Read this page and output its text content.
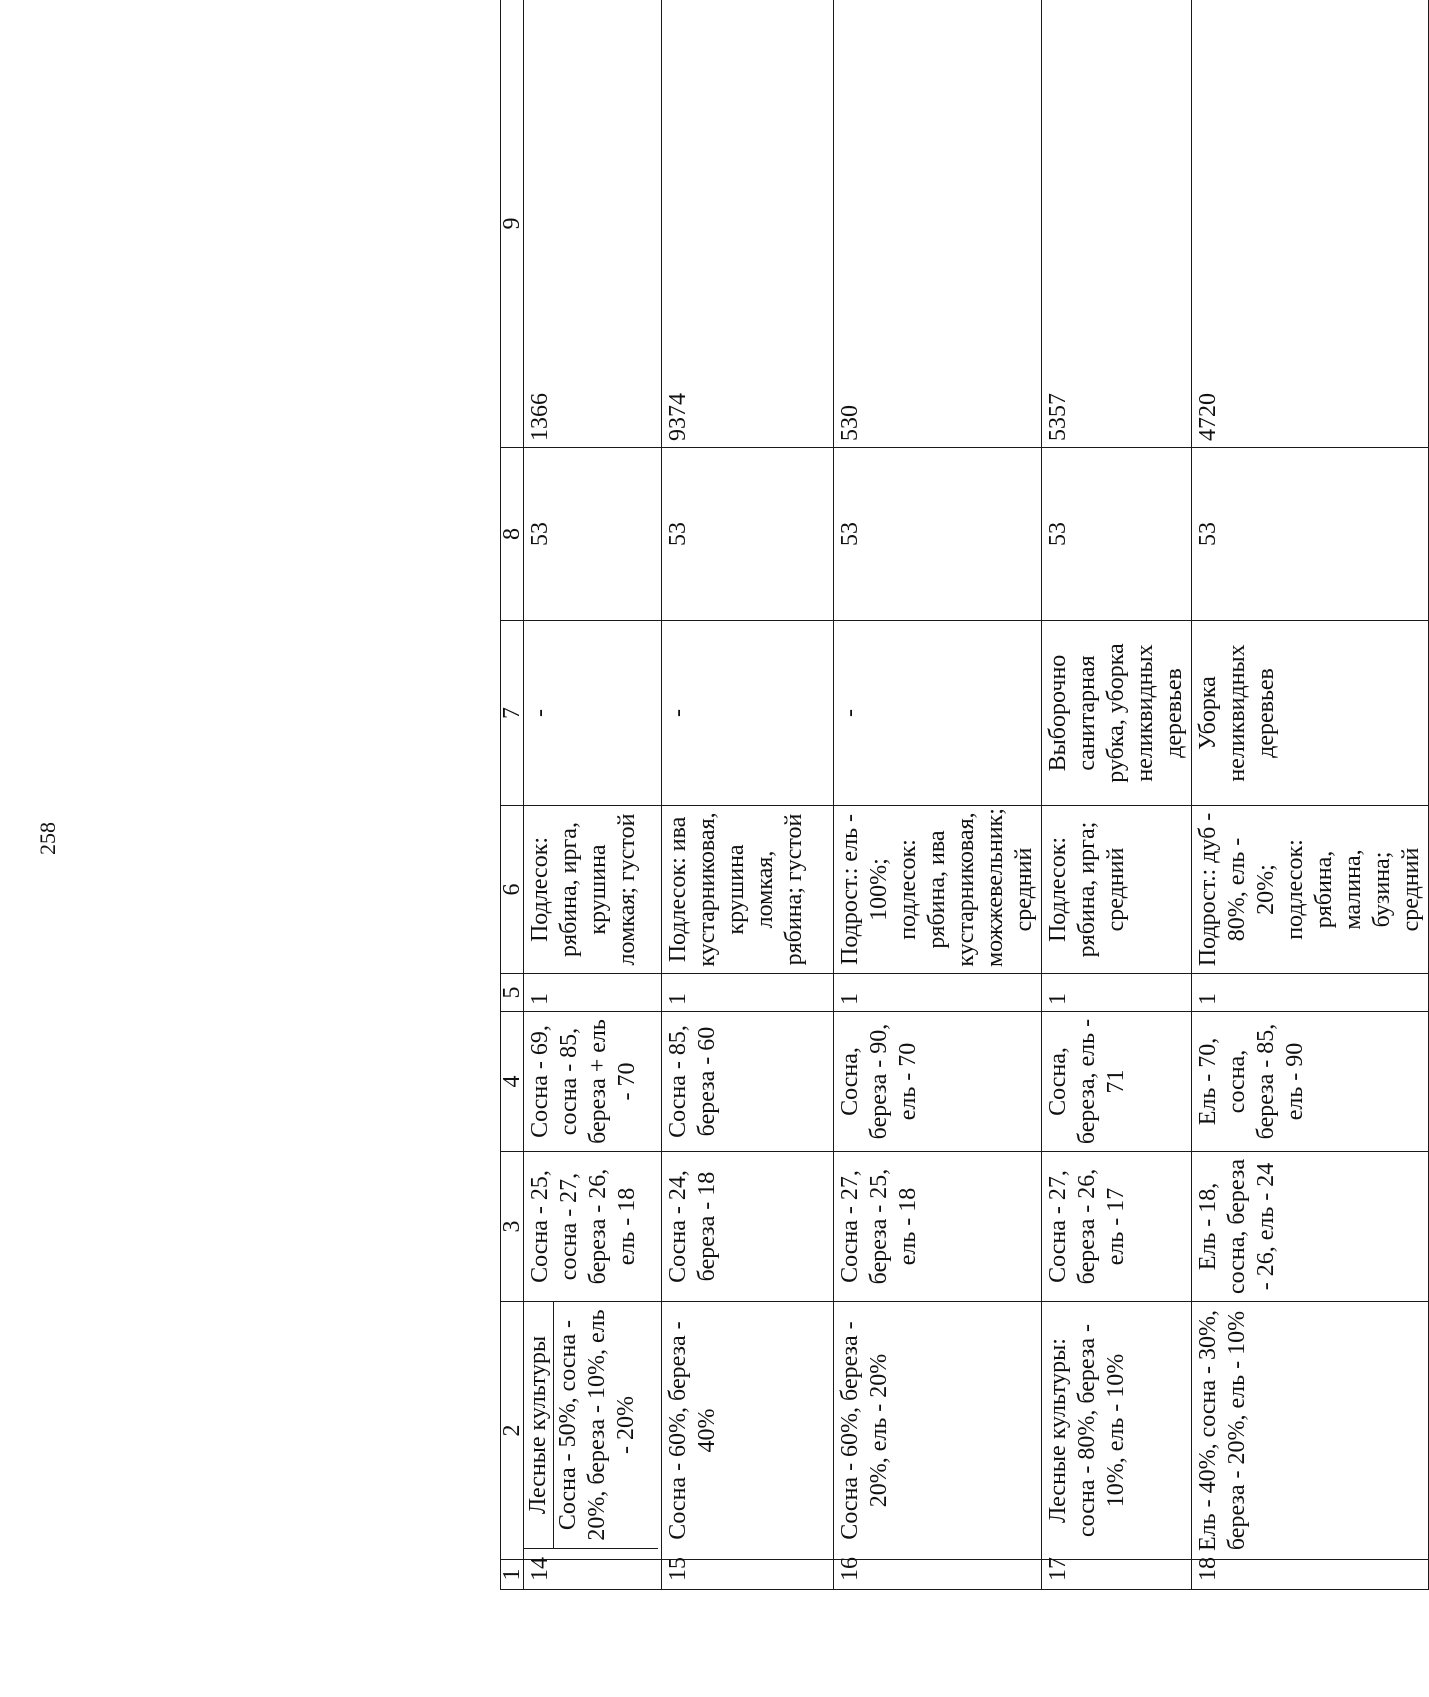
258
1	2	3	4	5	6	7	8	9
14	Лесные культуры Сосна - 50%, сосна - 20%, береза - 10%, ель - 20%	Сосна - 25, сосна - 27, береза - 26, ель - 18	Сосна - 69, сосна - 85, береза + ель - 70	1	Подлесок: рябина, ирга, крушина ломкая; густой	-	53	1366
15	Сосна - 60%, береза - 40%	Сосна - 24, береза - 18	Сосна - 85, береза - 60	1	Подлесок: ива кустарниковая, крушина ломкая, рябина; густой	-	53	9374
16	Сосна - 60%, береза - 20%, ель - 20%	Сосна - 27, береза - 25, ель - 18	Сосна, береза - 90, ель - 70	1	Подрост.: ель - 100%; подлесок: рябина, ива кустарниковая, можжевельник; средний	-	53	530
17	Лесные культуры: сосна - 80%, береза - 10%, ель - 10%	Сосна - 27, береза - 26, ель - 17	Сосна, береза, ель - 71	1	Подлесок: рябина, ирга; средний	Выборочно санитарная рубка, уборка неликвидных деревьев	53	5357
18	Ель - 40%, сосна - 30%, береза - 20%, ель - 10%	Ель - 18, сосна, береза - 26, ель - 24	Ель - 70, сосна, береза - 85, ель - 90	1	Подрост.: дуб - 80%, ель - 20%; подлесок: рябина, малина, бузина; средний	Уборка неликвидных деревьев	53	4720
